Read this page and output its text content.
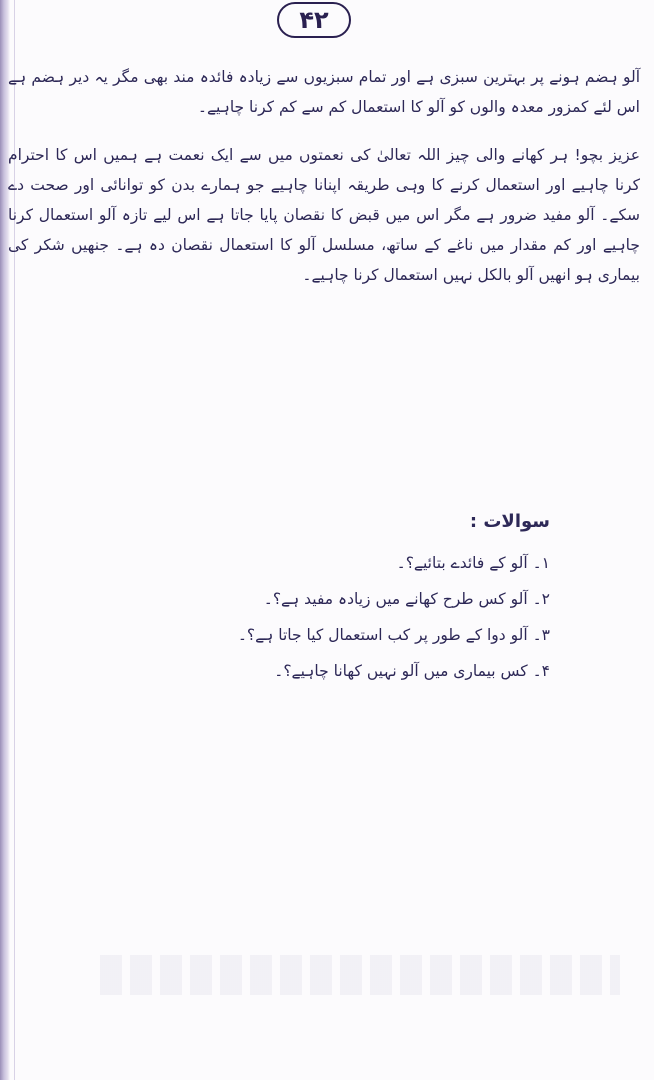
۴۲

آلو ہضم ہونے پر بہترین سبزی ہے اور تمام سبزیوں سے زیادہ فائدہ مند بھی مگر یہ دیر ہضم ہے اس لئے کمزور معدہ والوں کو آلو کا استعمال کم سے کم کرنا چاہیے۔

عزیز بچو! ہر کھانے والی چیز اللہ تعالیٰ کی نعمتوں میں سے ایک نعمت ہے ہمیں اس کا احترام کرنا چاہیے اور استعمال کرنے کا وہی طریقہ اپنانا چاہیے جو ہمارے بدن کو توانائی اور صحت دے سکے۔ آلو مفید ضرور ہے مگر اس میں قبض کا نقصان پایا جاتا ہے اس لیے تازہ آلو استعمال کرنا چاہیے اور کم مقدار میں ناغے کے ساتھ، مسلسل آلو کا استعمال نقصان دہ ہے۔ جنھیں شکر کی بیماری ہو انھیں آلو بالکل نہیں استعمال کرنا چاہیے۔

سوالات :
۱۔ آلو کے فائدے بتائیے؟۔
۲۔ آلو کس طرح کھانے میں زیادہ مفید ہے؟۔
۳۔ آلو دوا کے طور پر کب استعمال کیا جاتا ہے؟۔
۴۔ کس بیماری میں آلو نہیں کھانا چاہیے؟۔
